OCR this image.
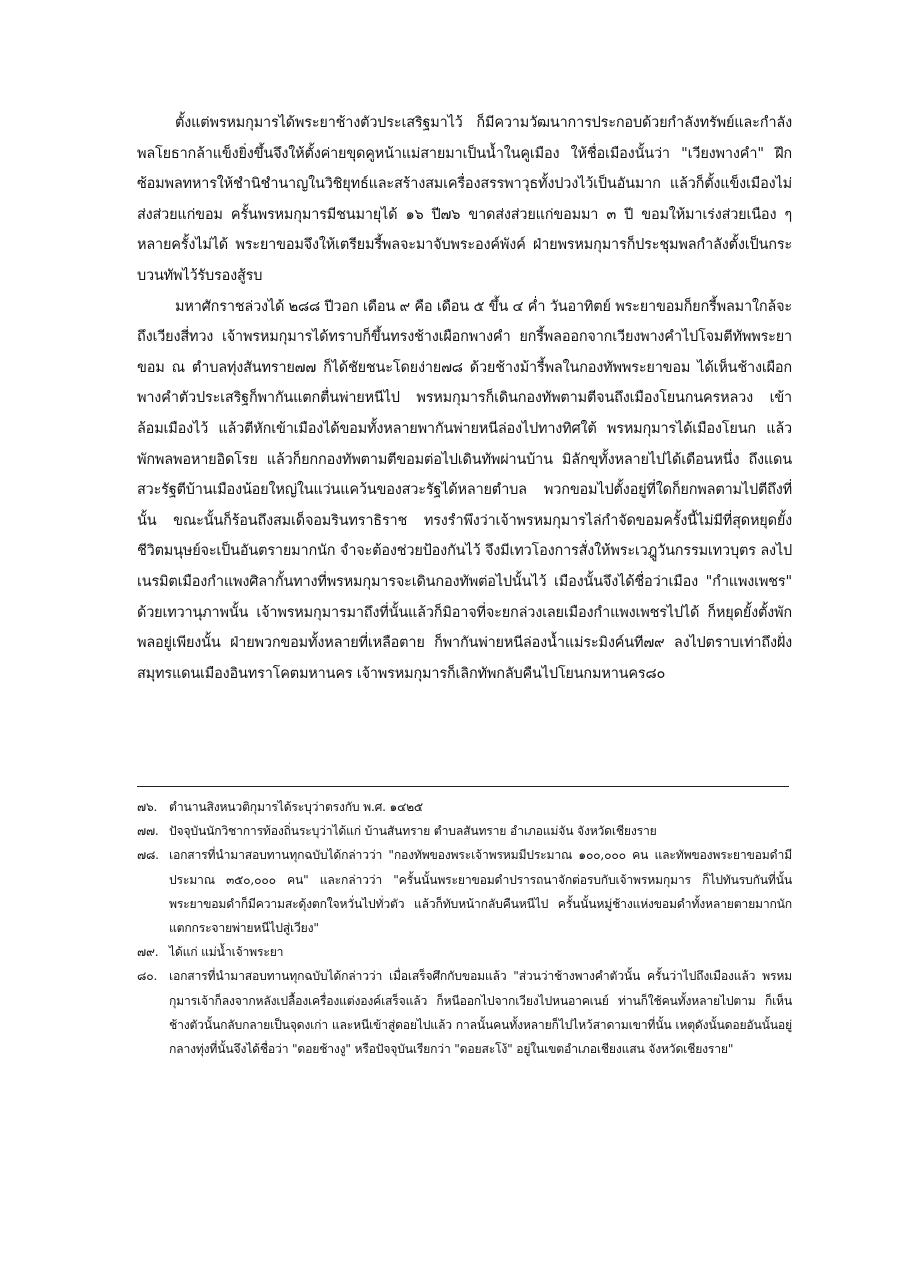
ตั้งแต่พรหมกุมารได้พระยาช้างตัวประเสริฐมาไว้ ก็มีความวัฒนาการประกอบด้วยกำลังทรัพย์และกำลังพลโยธากล้าแข็งยิ่งขึ้นจึงให้ตั้งค่ายขุดคูหน้าแม่สายมาเป็นน้ำในคูเมือง ให้ชื่อเมืองนั้นว่า "เวียงพางคำ" ฝึกซ้อมพลทหารให้ชำนิชำนาญในวิชิยุทธ์และสร้างสมเครื่องสรรพาวุธทั้งปวงไว้เป็นอันมาก แล้วก็ตั้งแข็งเมืองไม่ส่งส่วยแก่ขอม ครั้นพรหมกุมารมีชนมายุได้ ๑๖ ปี๗๖ ขาดส่งส่วยแก่ขอมมา ๓ ปี ขอมให้มาเร่งส่วยเนือง ๆ หลายครั้งไม่ได้ พระยาขอมจึงให้เตรียมรี้พลจะมาจับพระองค์พังค์ ฝ่ายพรหมกุมารก็ประชุมพลกำลังตั้งเป็นกระบวนทัพไว้รับรองสู้รบ

มหาศักราชล่วงได้ ๒๘๘ ปีวอก เดือน ๙ คือ เดือน ๕ ขึ้น ๔ ค่ำ วันอาทิตย์ พระยาขอมก็ยกรี้พลมาใกล้จะถึงเวียงสี่ทวง เจ้าพรหมกุมารได้ทราบก็ขึ้นทรงช้างเผือกพางคำ ยกรี้พลออกจากเวียงพางคำไปโจมตีทัพพระยาขอม ณ ตำบลทุ่งสันทราย๗๗ ก็ได้ชัยชนะโดยง่าย๗๘ ด้วยช้างม้ารี้พลในกองทัพพระยาขอม ได้เห็นช้างเผือกพางคำตัวประเสริฐก็พากันแตกตื่นพ่ายหนีไป พรหมกุมารก็เดินกองทัพตามตีจนถึงเมืองโยนกนครหลวง เข้าล้อมเมืองไว้ แล้วตีหักเข้าเมืองได้ขอมทั้งหลายพากันพ่ายหนีล่องไปทางทิศใต้ พรหมกุมารได้เมืองโยนก แล้วพักพลพอหายอิดโรย แล้วก็ยกกองทัพตามตีขอมต่อไปเดินทัพผ่านบ้าน มิลักขุทั้งหลายไปได้เดือนหนึ่ง ถึงแดนสวะรัฐตีบ้านเมืองน้อยใหญ่ในแว่นแคว้นของสวะรัฐได้หลายตำบล พวกขอมไปตั้งอยู่ที่ใดก็ยกพลตามไปตีถึงที่นั้น ขณะนั้นก็ร้อนถึงสมเด็จอมรินทราธิราช ทรงรำพึงว่าเจ้าพรหมกุมารไล่กำจัดขอมครั้งนี้ไม่มีที่สุดหยุดยั้ง ชีวิตมนุษย์จะเป็นอันตรายมากนัก จำจะต้องช่วยป้องกันไว้ จึงมีเทวโองการสั่งให้พระเวฎูวันกรรมเทวบุตร ลงไปเนรมิตเมืองกำแพงศิลากั้นทางที่พรหมกุมารจะเดินกองทัพต่อไปนั้นไว้ เมืองนั้นจึงได้ชื่อว่าเมือง "กำแพงเพชร" ด้วยเทวานุภาพนั้น เจ้าพรหมกุมารมาถึงที่นั้นแล้วก็มิอาจที่จะยกล่วงเลยเมืองกำแพงเพชรไปได้ ก็หยุดยั้งตั้งพักพลอยู่เพียงนั้น ฝ่ายพวกขอมทั้งหลายที่เหลือตาย ก็พากันพ่ายหนีล่องน้ำแม่ระมิงค์นที๗๙ ลงไปตราบเท่าถึงฝั่งสมุทรแดนเมืองอินทราโคตมหานคร เจ้าพรหมกุมารก็เลิกทัพกลับคืนไปโยนกมหานคร๘๐

๗๖. ตำนานสิงหนวติกุมารได้ระบุว่าตรงกับ พ.ศ. ๑๔๒๕
๗๗. ปัจจุบันนักวิชาการท้องถิ่นระบุว่าได้แก่ บ้านสันทราย ตำบลสันทราย อำเภอแม่จัน จังหวัดเชียงราย
๗๘. เอกสารที่นำมาสอบทานทุกฉบับได้กล่าวว่า "กองทัพของพระเจ้าพรหมมีประมาณ ๑๐๐,๐๐๐ คน และทัพของพระยาขอมดำมีประมาณ ๓๕๐,๐๐๐ คน" และกล่าวว่า "ครั้นนั้นพระยาขอมดำปรารถนาจักต่อรบกับเจ้าพรหมกุมาร ก็ไปทันรบกันที่นั้น พระยาขอมดำก็มีความสะดุ้งตกใจหวั่นไปทั่วตัว แล้วก็ทับหน้ากลับคืนหนีไป ครั้นนั้นหมู่ช้างแห่งขอมดำทั้งหลายตายมากนัก แตกกระจายพ่ายหนีไปสู่เวียง"
๗๙. ได้แก่ แม่น้ำเจ้าพระยา
๘๐. เอกสารที่นำมาสอบทานทุกฉบับได้กล่าวว่า เมื่อเสร็จศึกกับขอมแล้ว "ส่วนว่าช้างพางคำตัวนั้น ครั้นว่าไปถึงเมืองแล้ว พรหมกุมารเจ้าก็ลงจากหลังเปลื้องเครื่องแต่งองค์เสร็จแล้ว ก็หนีออกไปจากเวียงไปหนอาคเนย์ ท่านก็ใช้คนทั้งหลายไปตาม ก็เห็นช้างตัวนั้นกลับกลายเป็นจุดงเก่า และหนีเข้าสู่ดอยไปแล้ว กาลนั้นคนทั้งหลายก็ไปไหว้สาดามเขาที่นั้น เหตุดังนั้นดอยอันนั้นอยู่กลางทุ่งที่นั้นจึงได้ชื่อว่า "ดอยช้างงู" หรือปัจจุบันเรียกว่า "ดอยสะโง้" อยู่ในเขตอำเภอเชียงแสน จังหวัดเชียงราย"
